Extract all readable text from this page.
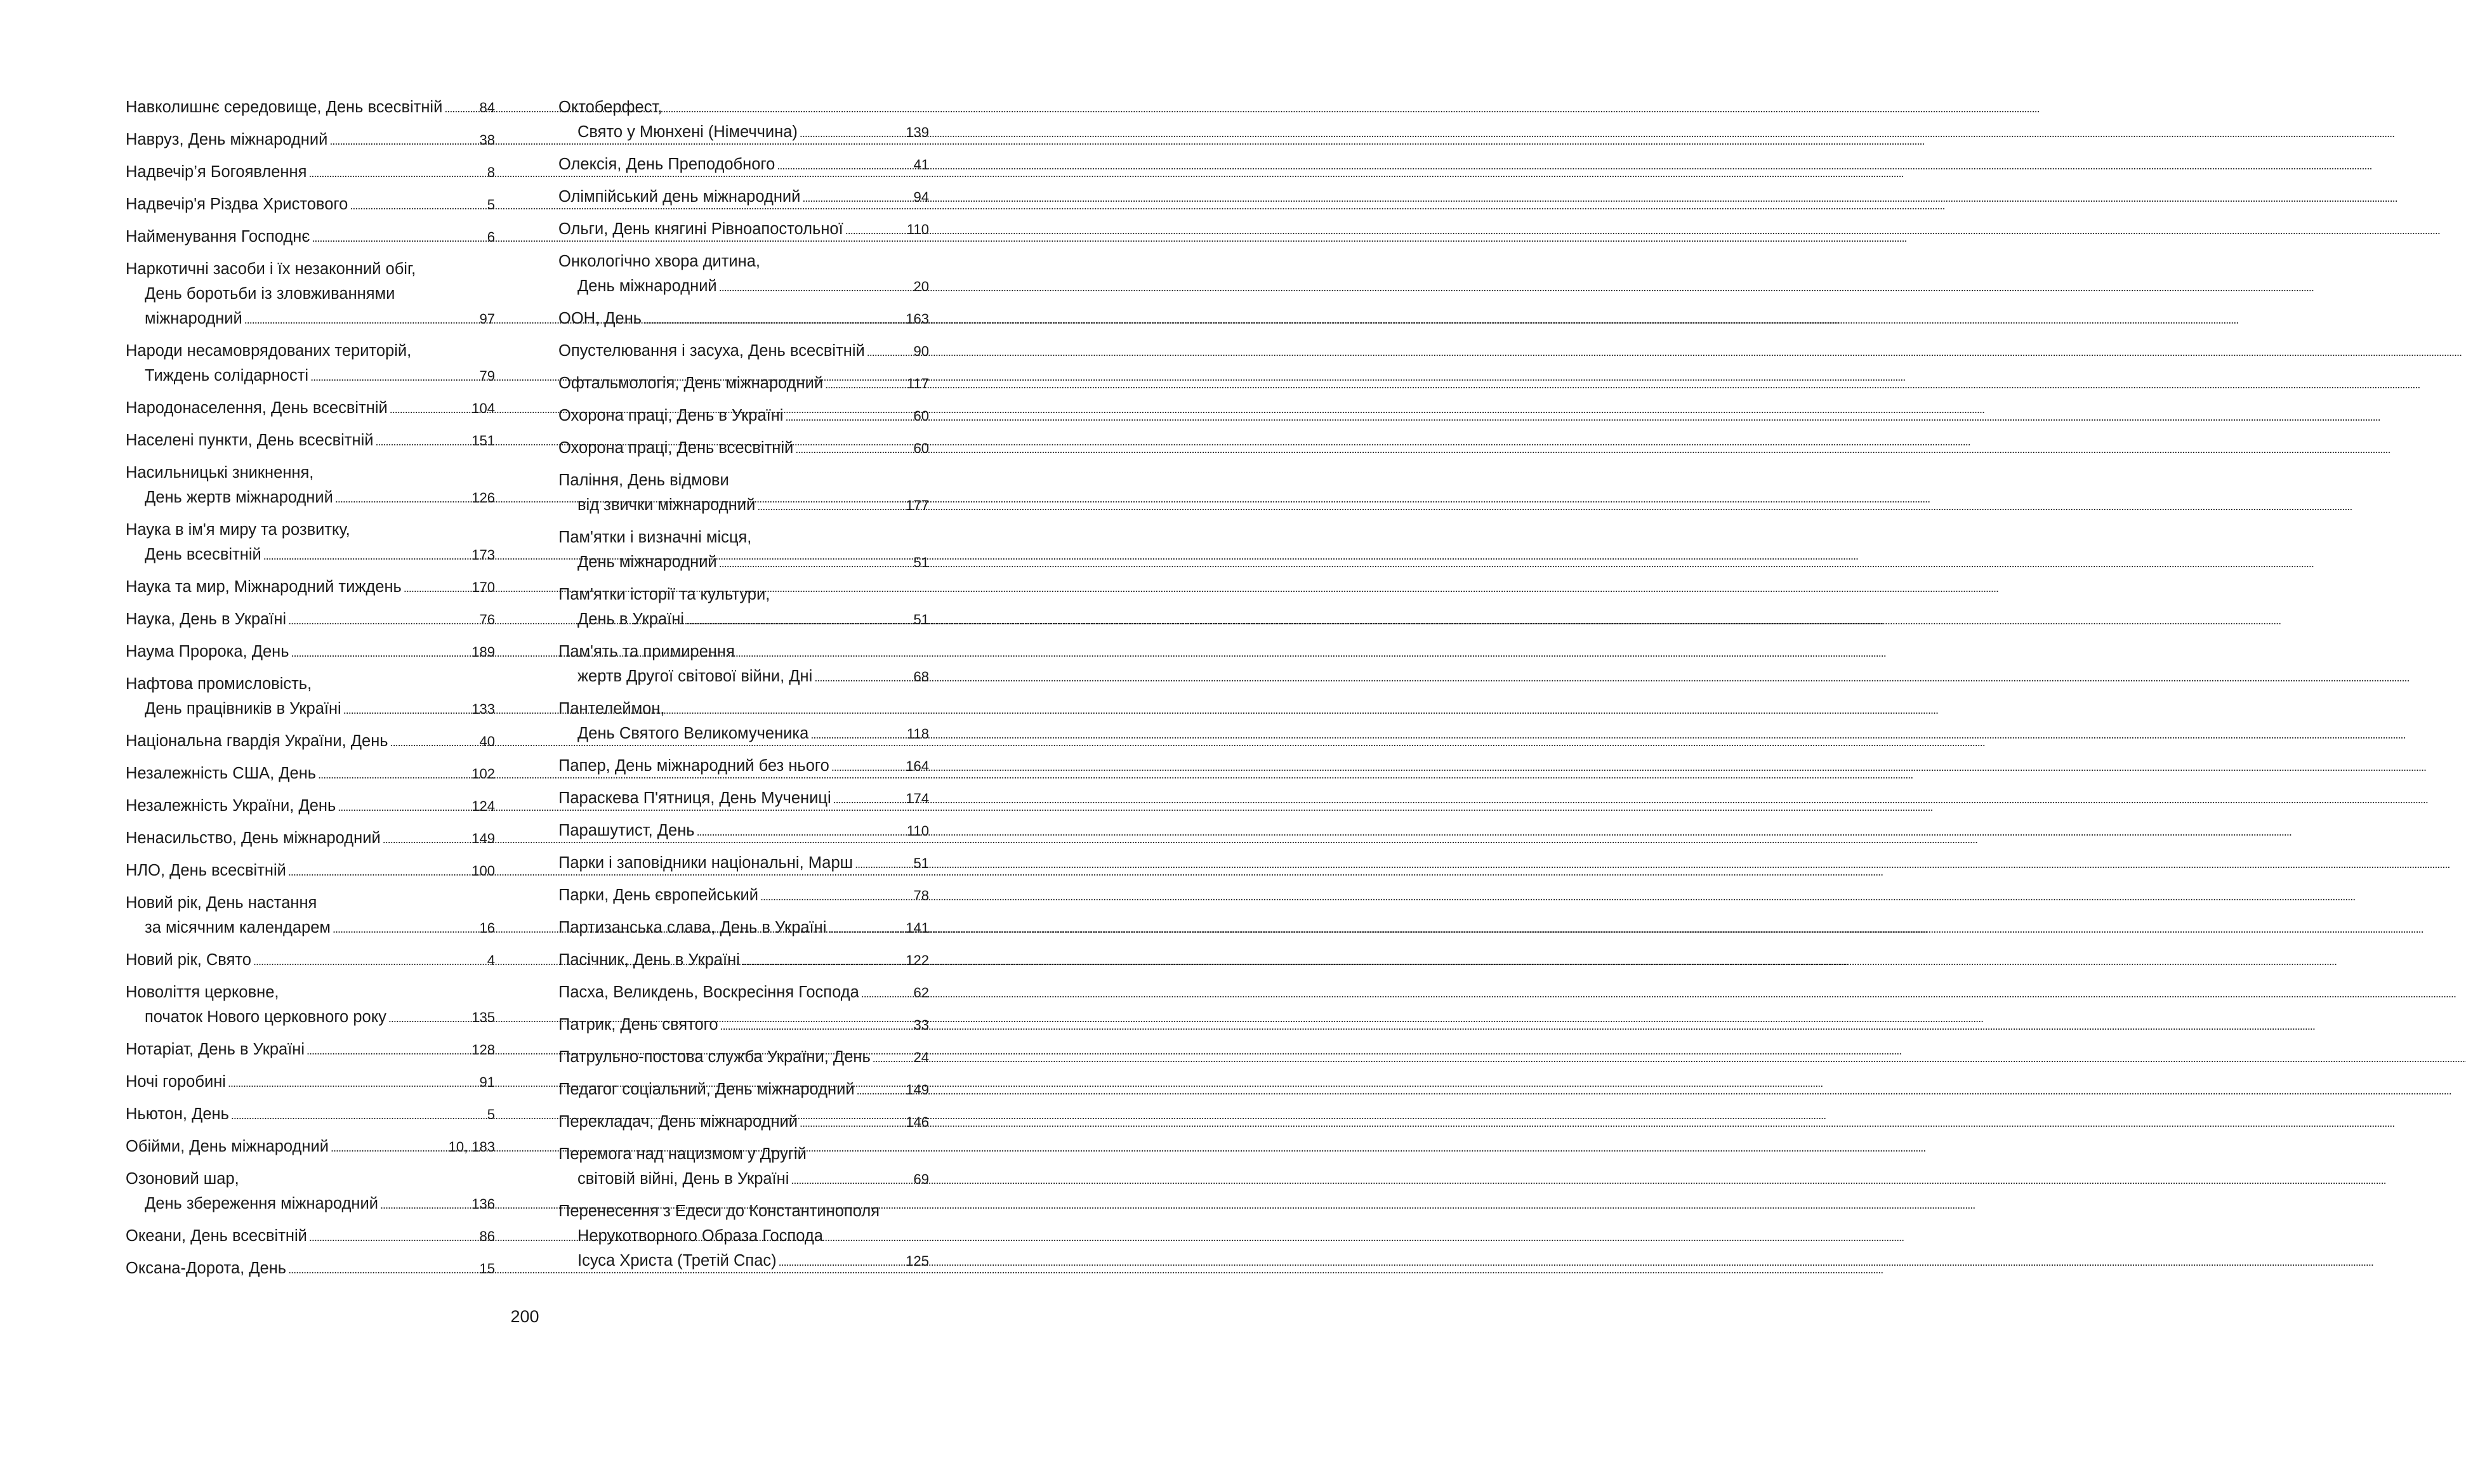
Навколишнє середовище, День всесвітній . . .	84
Навруз, День міжнародний . . .	38
Надвечір’я Богоявлення . . .	8
Надвечір'я Різдва Христового . . .	5
Найменування Господнє . . .	6
Наркотичні засоби і їх незаконний обіг,
День боротьби із зловживаннями
міжнародний . . .	97
Народи несамоврядованих територій,
Тиждень солідарності . . .	79
Народонаселення, День всесвітній . . .	104
Населені пункти, День всесвітній . . .	151
Насильницькі зникнення,
День жертв міжнародний . . .	126
Наука в ім'я миру та розвитку,
День всесвітній . . .	173
Наука та мир, Міжнародний тиждень . . .	170
Наука, День в Україні . . .	76
Наума Пророка, День . . .	189
Нафтова промисловість,
День працівників в Україні . . .	133
Національна гвардія України, День . . .	40
Незалежність США, День . . .	102
Незалежність України, День . . .	124
Ненасильство, День міжнародний . . .	149
НЛО, День всесвітній . . .	100
Новий рік, День настання
за місячним календарем . . .	16
Новий рік, Свято . . .	4
Новоліття церковне,
початок Нового церковного року . . .	135
Нотаріат, День в Україні . . .	128
Ночі горобині . . .	91
Ньютон, День . . .	5
Обійми, День міжнародний . . .	10, 183
Озоновий шар,
День збереження міжнародний . . .	136
Океани, День всесвітній . . .	86
Оксана-Дорота, День . . .	15
Октоберфест,
Свято у Мюнхені (Німеччина) . . .	139
Олексія, День Преподобного . . .	41
Олімпійський день міжнародний . . .	94
Ольги, День княгині Рівноапостольної . . .	110
Онкологічно хвора дитина,
День міжнародний . . .	20
ООН, День . . .	163
Опустелювання і засуха, День всесвітній . . .	90
Офтальмологія, День міжнародний . . .	117
Охорона праці, День в Україні . . .	60
Охорона праці, День всесвітній . . .	60
Паління, День відмови
від звички міжнародний . . .	177
Пам'ятки і визначні місця,
День міжнародний . . .	51
Пам'ятки історії та культури,
День в Україні . . .	51
Пам'ять та примирення
жертв Другої світової війни, Дні . . .	68
Пантелеймон,
День Святого Великомученика . . .	118
Папер, День міжнародний без нього . . .	164
Параскева П'ятниця, День Мучениці . . .	174
Парашутист, День . . .	110
Парки і заповідники національні, Марш . . .	51
Парки, День європейський . . .	78
Партизанська слава, День в Україні . . .	141
Пасічник, День в Україні . . .	122
Пасха, Великдень, Воскресіння Господа . . .	62
Патрик, День святого . . .	33
Патрульно-постова служба України, День . . .	24
Педагог соціальний, День міжнародний . . .	149
Перекладач, День міжнародний . . .	146
Перемога над нацизмом у Другій
світовій війні, День в Україні . . .	69
Перенесення з Едеси до Константинополя
Нерукотворного Образа Господа
Ісуса Христа (Третій Спас) . . .	125
200
